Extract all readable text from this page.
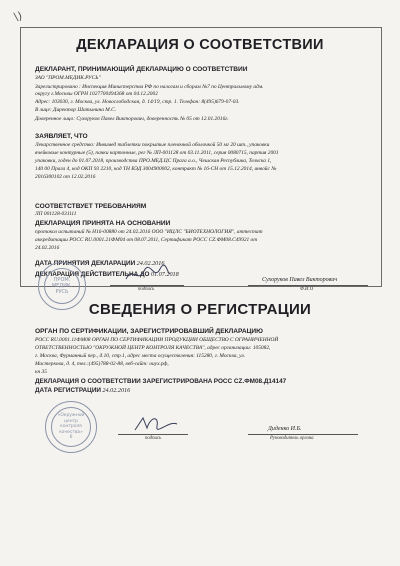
\)
ДЕКЛАРАЦИЯ О СООТВЕТСТВИИ
ДЕКЛАРАНТ, ПРИНИМАЮЩИЙ ДЕКЛАРАЦИЮ О СООТВЕТСТВИИ
ЗАО "ПРОМ.МЕДИК.РУСЬ"
Зарегистрировано : Инспекция Министерства РФ по налогам и сборам №7 по Центральному адм.
округу г.Москвы ОГРН 1027700494368 от 04.12.2002
Адрес: 103030, г. Москва, ул. Новослободская, д. 14/19, стр. 1. Телефон: 8(495)679-07-03.
В лице: Директор Шатынина М.С.
Доверенное лицо: Сухоруков Павел Викторович, доверенность № 05 от 12.01.2016г.
ЗАЯВЛЯЕТ, ЧТО
Лекарственное средство: Инвимед таблетки покрытые пленочной оболочкой 50 мг 20 шт., упаковки
ячейковые контурные (5), пачки картонные, рег № ЛП-001128 от 03.11.2011, серия 0080715, партия 2001
упаковки, годен до 01.07.2018, производства ПРО.МЕД.ЦС Прага а.о., Чешская Республика, Телчска 1,
140 00 Прага 4, код ОКП 93 2210, код ТН ВЭД 3004900002, контракт № 16-CH от 15.12.2014, инвойс №
2016300102 от 12.02.2016
СООТВЕТСТВУЕТ ТРЕБОВАНИЯМ
ЛП 001128-031111
ДЕКЛАРАЦИЯ ПРИНЯТА НА ОСНОВАНИИ
протокол испытаний № Н16-00880 от 24.02.2016 ООО "ИЦЛС "БИОТЕХНОЛОГИЯ", аттестат
аккредитации РОСС RU.0001.21ФМ04 от 08.07.2011, Сертификат РОСС CZ.ФМ08.С49921 от
24.02.2016
ДАТА ПРИНЯТИЯ ДЕКЛАРАЦИИ 24.02.2016
ДЕКЛАРАЦИЯ ДЕЙСТВИТЕЛЬНА ДО 01.07.2018
ПРОМ.
МЕДИК.
РУСЬ	подпись
Сухоруков Павел Викторович
Ф.И.О
СВЕДЕНИЯ О РЕГИСТРАЦИИ
ОРГАН ПО СЕРТИФИКАЦИИ, ЗАРЕГИСТРИРОВАВШИЙ ДЕКЛАРАЦИЮ
РОСС RU.0001.11ФМ08 ОРГАН ПО СЕРТИФИКАЦИИ ПРОДУКЦИИ ОБЩЕСТВО С ОГРАНИЧЕННОЙ
ОТВЕТСТВЕННОСТЬЮ "ОКРУЖНОЙ ЦЕНТР КОНТРОЛЯ КАЧЕСТВА", адрес организации: 105082,
г. Москва, Фурманный пер., д.10, стр.1, адрес места осуществления: 115280, г. Москва, ул.
Мастеркова, д. 4, тел.:(495)788-02-88, веб-сайт: ouyx.pф,
кн 35
ДЕКЛАРАЦИЯ О СООТВЕТСТВИИ ЗАРЕГИСТРИРОВАНА РОСС CZ.ФМ08.Д14147
ДАТА РЕГИСТРАЦИИ 24.02.2016
«Окружной
центр
контроля
качества»
6	подпись
Диденко И.Б.
Руководитель органа
